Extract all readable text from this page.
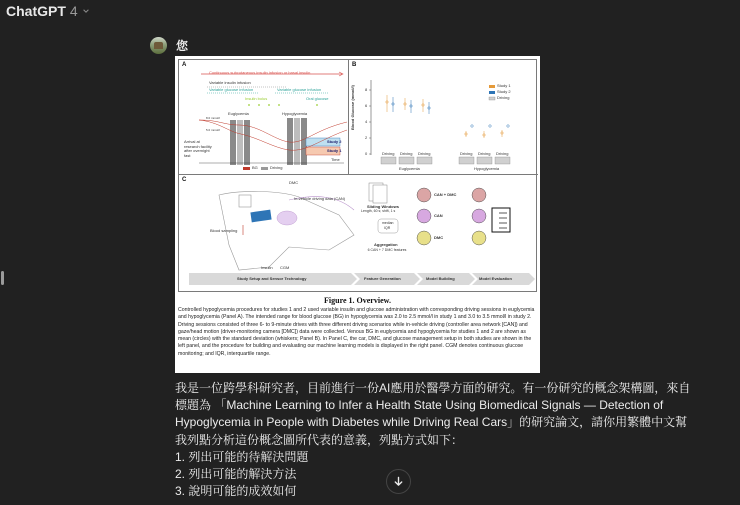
ChatGPT 4
您
A
Continuous subcutaneous insulin infusion or basal insulin
Variable insulin infusion
Variable glucose infusion	Variable glucose infusion
Insulin bolus	Oral glucose
Euglycemia	Hypoglycemia
8.0 mmol/l
5.0 mmol/l
Arrival at research facility after overnight fast
Study 2
Study 1
Time
BG	Driving
B
Blood Glucose (mmol/l)	8
6
4
2
0
Study 1
Study 2
Driving
Driving Driving Driving	Driving Driving Driving
Euglycemia	Hypoglycemia
C	DMC
In-vehicle driving data (CAN)
Blood sampling
Insulin CGM
Sliding Windows
Length, 60 s; shift, 1 s
median
IQR
Aggregation
6 CAN + 7 DMC features
CAN + DMC
CAN
DMC
Study Setup and Sensor Technology	Feature Generation	Model Building	Model Evaluation
Figure 1. Overview.
Controlled hypoglycemia procedures for studies 1 and 2 used variable insulin and glucose administration with corresponding driving sessions in euglycemia and hypoglycemia (Panel A). The intended range for blood glucose (BG) in hypoglycemia was 2.0 to 2.5 mmol/l in study 1 and 3.0 to 3.5 mmol/l in study 2. Driving sessions consisted of three 6- to 9-minute drives with three different driving scenarios while in-vehicle driving (controller area network [CAN]) and gaze/head motion (driver-monitoring camera [DMC]) data were collected. Venous BG in euglycemia and hypoglycemia for studies 1 and 2 are shown as mean (circles) with the standard deviation (whiskers; Panel B). In Panel C, the car, DMC, and glucose management setup in both studies are shown in the left panel, and the procedure for building and evaluating our machine learning models is displayed in the right panel. CGM denotes continuous glucose monitoring; and IQR, interquartile range.

我是一位跨學科研究者，目前進行一份AI應用於醫學方面的研究。有一份研究的概念架構圖，來自

標題為 「Machine Learning to Infer a Health State Using Biomedical Signals — Detection of

Hypoglycemia in People with Diabetes while Driving Real Cars」的研究論文，請你用繁體中文幫

我列點分析這份概念圖所代表的意義，列點方式如下：

1. 列出可能的待解決問題

2. 列出可能的解決方法

3. 說明可能的成效如何
